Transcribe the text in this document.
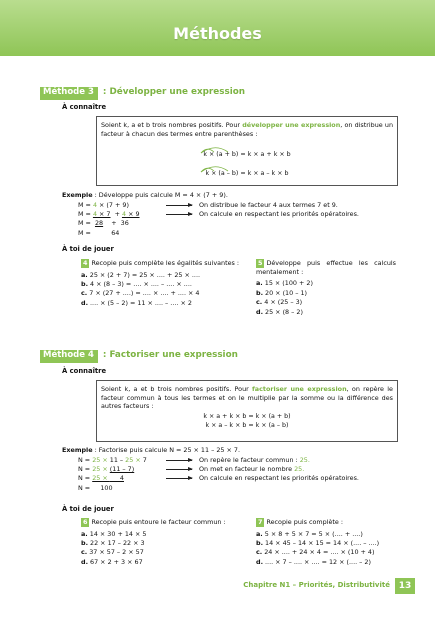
Méthodes
Méthode 3	: Développer une expression
À connaître

Soient k, a et b trois nombres positifs. Pour développer une expression, on distribue un facteur à chacun des termes entre parenthèses :

k × (a + b) = k × a + k × b
k × (a – b) = k × a – k × b
Exemple : Développe puis calcule M = 4 × (7 + 9).
M = 4 × (7 + 9)	On distribue le facteur 4 aux termes 7 et 9.
M = 4 × 7  + 4 × 9	On calcule en respectant les priorités opératoires.
M =  28    +  36
M =          64
À toi de jouer
4 Recopie puis complète les égalités suivantes :
a. 25 × (2 + 7) = 25 × .... + 25 × ....
b. 4 × (8 – 3) = .... × .... – .... × ....
c. 7 × (27 + ....) = .... × .... + .... × 4
d. .... × (5 – 2) = 11 × .... – .... × 2
5 Développe puis effectue les calculs mentalement :
a. 15 × (100 + 2)
b. 20 × (10 – 1)
c. 4 × (25 – 3)
d. 25 × (8 – 2)
Méthode 4	: Factoriser une expression
À connaître

Soient k, a et b trois nombres positifs. Pour factoriser une expression, on repère le facteur commun à tous les termes et on le multiplie par la somme ou la différence des autres facteurs :

k × a + k × b = k × (a + b)
k × a – k × b = k × (a – b)
Exemple : Factorise puis calcule N = 25 × 11 – 25 × 7.
N = 25 × 11 – 25 × 7	On repère le facteur commun : 25.
N = 25 × (11 – 7)	On met en facteur le nombre 25.
N = 25 ×      4	On calcule en respectant les priorités opératoires.
N =     100
À toi de jouer
6 Recopie puis entoure le facteur commun :
a. 14 × 30 + 14 × 5
b. 22 × 17 – 22 × 3
c. 37 × 57 – 2 × 57
d. 67 × 2 + 3 × 67
7 Recopie puis complète :
a. 5 × 8 + 5 × 7 = 5 × (.... + ....)
b. 14 × 45 – 14 × 15 = 14 × (.... – ....)
c. 24 × .... + 24 × 4 = .... × (10 + 4)
d. .... × 7 – .... × .... = 12 × (.... – 2)
Chapitre N1 – Priorités, Distributivité 13
